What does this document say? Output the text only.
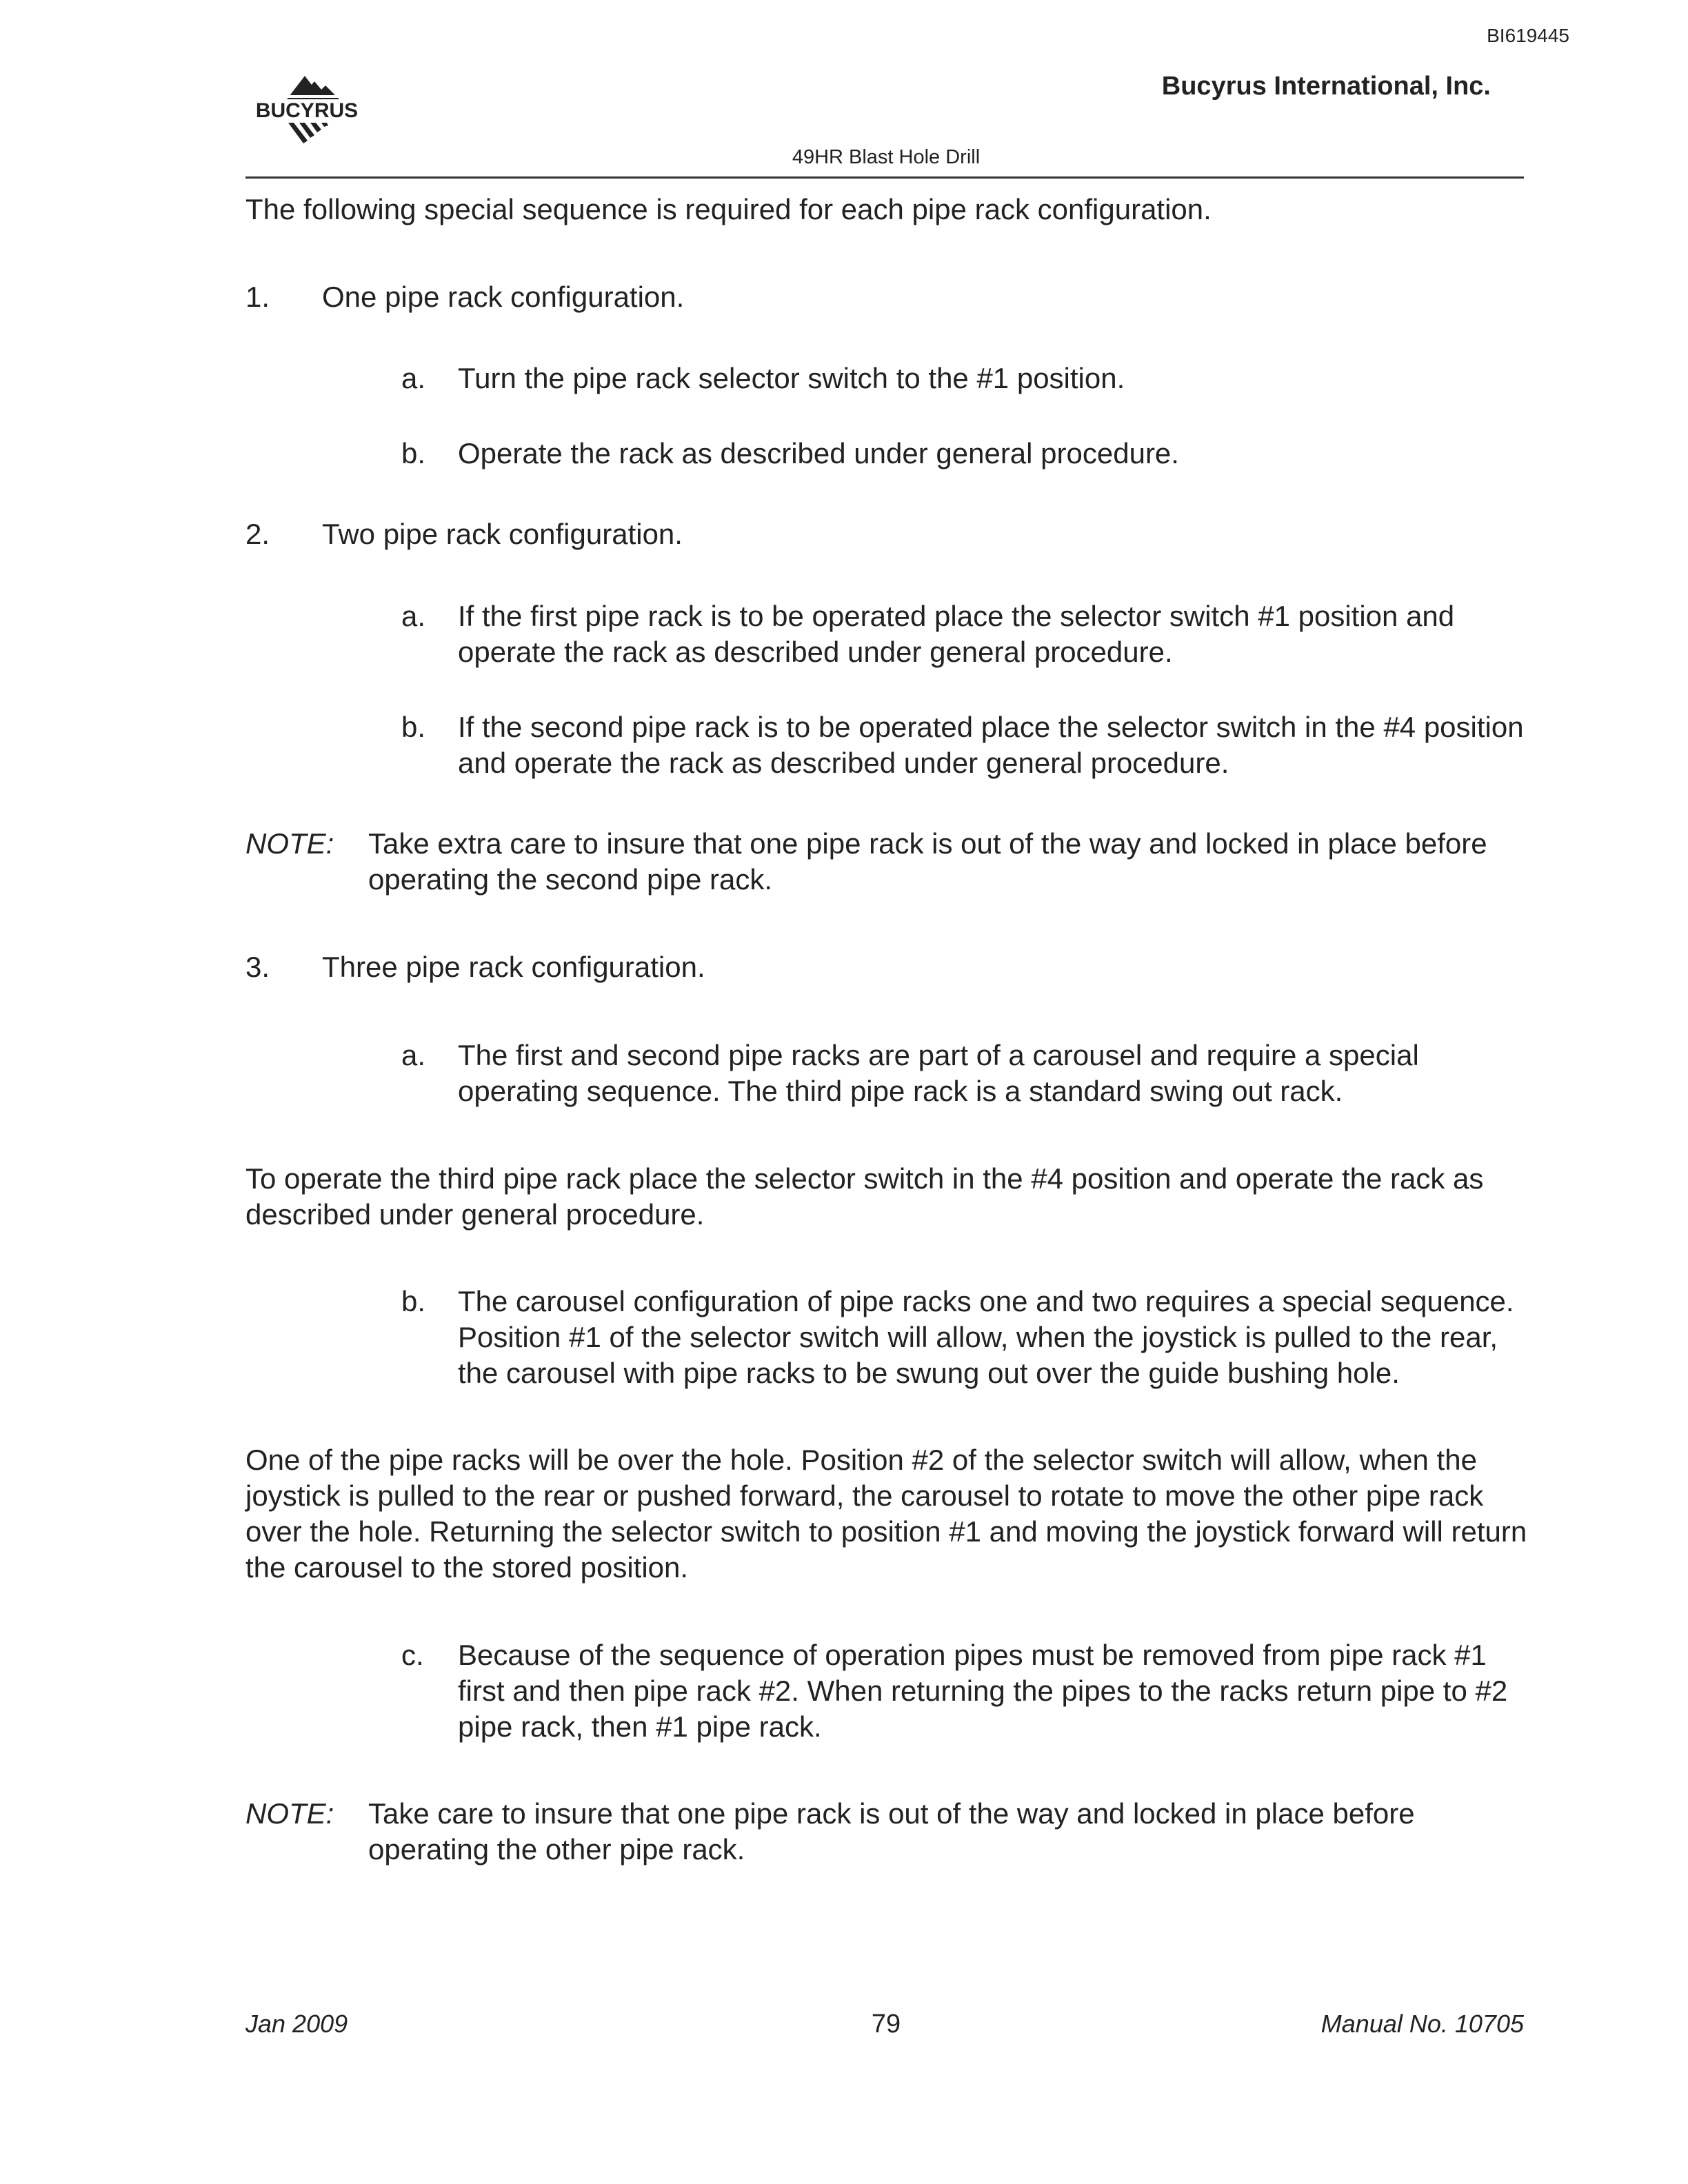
BI619445
BUCYRUS
Bucyrus International, Inc.
49HR Blast Hole Drill
The following special sequence is required for each pipe rack configuration.
1.	One pipe rack configuration.
a.	Turn the pipe rack selector switch to the #1 position.
b.	Operate the rack as described under general procedure.
2.	Two pipe rack configuration.
a.	If the first pipe rack is to be operated place the selector switch #1 position and operate the rack as described under general procedure.
b.	If the second pipe rack is to be operated place the selector switch in the #4 position and operate the rack as described under general procedure.
NOTE: Take extra care to insure that one pipe rack is out of the way and locked in place before operating the second pipe rack.
3.	Three pipe rack configuration.
a.	The first and second pipe racks are part of a carousel and require a special operating sequence. The third pipe rack is a standard swing out rack.
To operate the third pipe rack place the selector switch in the #4 position and operate the rack as described under general procedure.
b.	The carousel configuration of pipe racks one and two requires a special sequence. Position #1 of the selector switch will allow, when the joystick is pulled to the rear, the carousel with pipe racks to be swung out over the guide bushing hole.
One of the pipe racks will be over the hole. Position #2 of the selector switch will allow, when the joystick is pulled to the rear or pushed forward, the carousel to rotate to move the other pipe rack over the hole. Returning the selector switch to position #1 and moving the joystick forward will return the carousel to the stored position.
c.	Because of the sequence of operation pipes must be removed from pipe rack #1 first and then pipe rack #2. When returning the pipes to the racks return pipe to #2 pipe rack, then #1 pipe rack.
NOTE: Take care to insure that one pipe rack is out of the way and locked in place before operating the other pipe rack.
Jan 2009	79	Manual No. 10705
